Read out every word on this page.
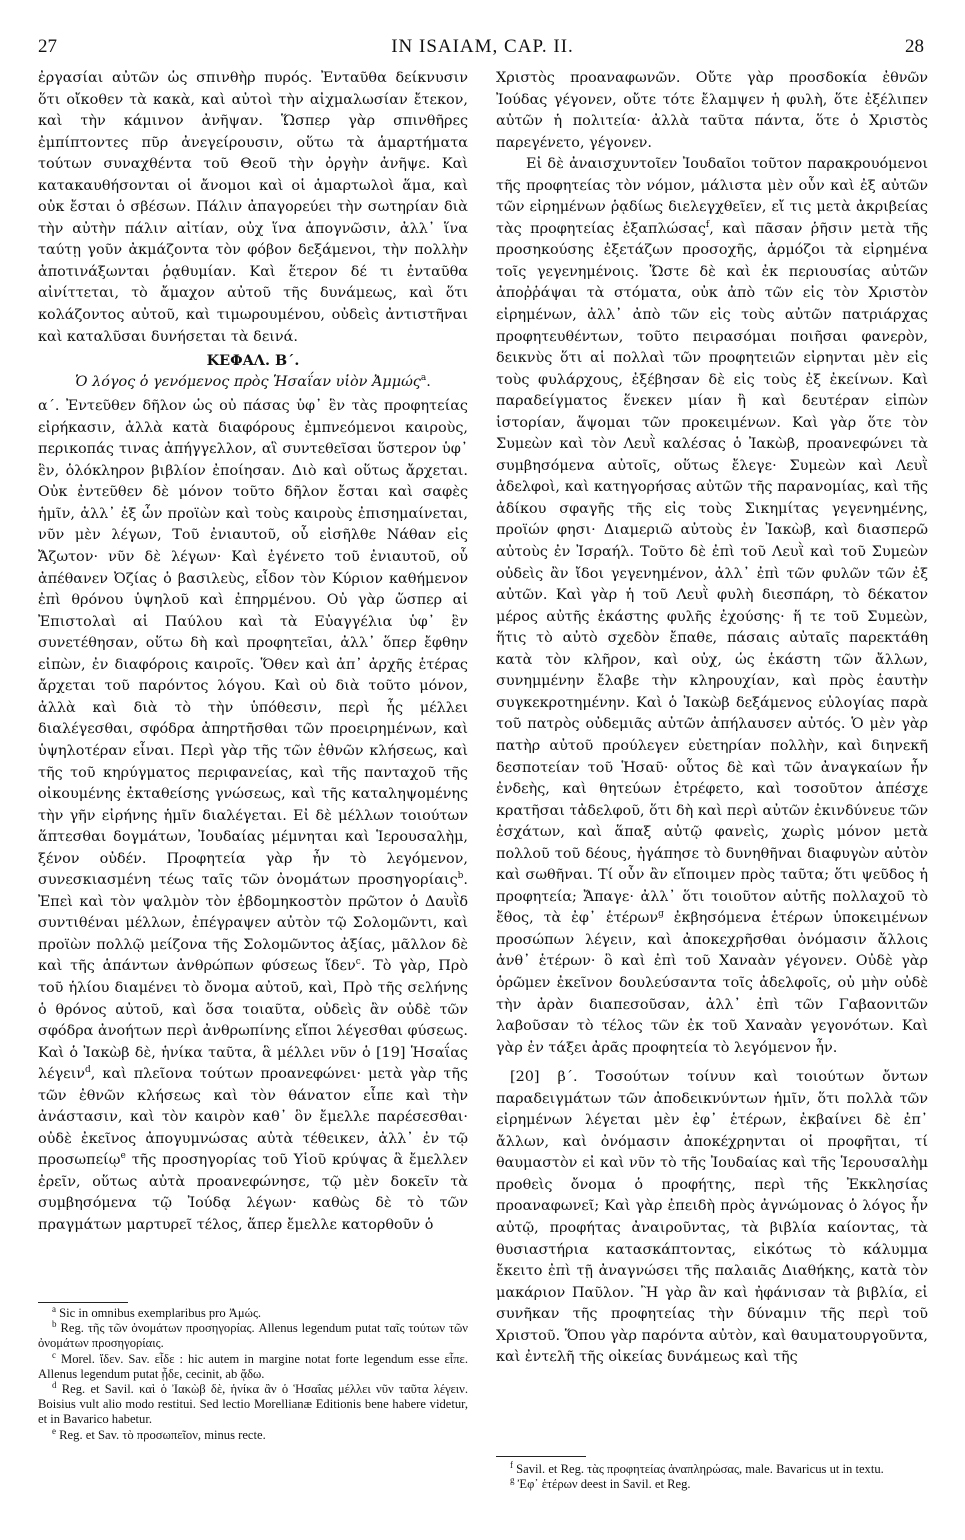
IN ISAIAM, CAP. II.
27	28

ἐργασίαι αὐτῶν ὡς σπινθὴρ πυρός. Ἐνταῦθα δείκνυσιν ὅτι οἴκοθεν τὰ κακὰ, καὶ αὐτοὶ τὴν αἰχμαλωσίαν ἔτεκον, καὶ τὴν κάμινον ἀνῆψαν. Ὥσπερ γὰρ σπινθῆρες ἐμπίπτοντες πῦρ ἀνεγείρουσιν, οὕτω τὰ ἁμαρτήματα τούτων συναχθέντα τοῦ Θεοῦ τὴν ὀργὴν ἀνῆψε. Καὶ κατακαυθήσονται οἱ ἄνομοι καὶ οἱ ἁμαρτωλοὶ ἅμα, καὶ οὐκ ἔσται ὁ σβέσων. Πάλιν ἀπαγορεύει τὴν σωτηρίαν διὰ τὴν αὐτὴν πάλιν αἰτίαν, οὐχ ἵνα ἀπογνῶσιν, ἀλλ᾽ ἵνα ταύτῃ γοῦν ἀκμάζοντα τὸν φόβον δεξάμενοι, τὴν πολλὴν ἀποτινάξωνται ῥᾳθυμίαν. Καὶ ἕτερον δέ τι ἐνταῦθα αἰνίττεται, τὸ ἄμαχον αὐτοῦ τῆς δυνάμεως, καὶ ὅτι κολάζοντος αὐτοῦ, καὶ τιμωρουμένου, οὐδεὶς ἀντιστῆναι καὶ καταλῦσαι δυνήσεται τὰ δεινά.

ΚΕΦΑΛ. Β΄.

Ὁ λόγος ὁ γενόμενος πρὸς Ἡσαΐαν υἱὸν Ἀμμώς$^a$.

α΄. Ἐντεῦθεν δῆλον ὡς οὐ πάσας ὑφ᾽ ἓν τὰς προφητείας εἰρήκασιν, ἀλλὰ κατὰ διαφόρους ἐμπνεόμενοι καιροὺς, περικοπάς τινας ἀπήγγελλον, αἳ συντεθεῖσαι ὕστερον ὑφ᾽ ἓν, ὁλόκληρον βιβλίον ἐποίησαν. Διὸ καὶ οὕτως ἄρχεται. Οὐκ ἐντεῦθεν δὲ μόνον τοῦτο δῆλον ἔσται καὶ σαφὲς ἡμῖν, ἀλλ᾽ ἐξ ὧν προϊὼν καὶ τοὺς καιροὺς ἐπισημαίνεται, νῦν μὲν λέγων, Τοῦ ἐνιαυτοῦ, οὗ εἰσῆλθε Νάθαν εἰς Ἄζωτον· νῦν δὲ λέγων· Καὶ ἐγένετο τοῦ ἐνιαυτοῦ, οὗ ἀπέθανεν Ὀζίας ὁ βασιλεὺς, εἶδον τὸν Κύριον καθήμενον ἐπὶ θρόνου ὑψηλοῦ καὶ ἐπηρμένου. Οὐ γὰρ ὥσπερ αἱ Ἐπιστολαὶ αἱ Παύλου καὶ τὰ Εὐαγγέλια ὑφ᾽ ἓν συνετέθησαν, οὕτω δὴ καὶ προφητεῖαι, ἀλλ᾽ ὅπερ ἔφθην εἰπὼν, ἐν διαφόροις καιροῖς. Ὅθεν καὶ ἀπ᾽ ἀρχῆς ἑτέρας ἄρχεται τοῦ παρόντος λόγου. Καὶ οὐ διὰ τοῦτο μόνον, ἀλλὰ καὶ διὰ τὸ τὴν ὑπόθεσιν, περὶ ἧς μέλλει διαλέγεσθαι, σφόδρα ἀπηρτῆσθαι τῶν προειρημένων, καὶ ὑψηλοτέραν εἶναι. Περὶ γὰρ τῆς τῶν ἐθνῶν κλήσεως, καὶ τῆς τοῦ κηρύγματος περιφανείας, καὶ τῆς πανταχοῦ τῆς οἰκουμένης ἐκταθείσης γνώσεως, καὶ τῆς καταληψομένης τὴν γῆν εἰρήνης ἡμῖν διαλέγεται. Εἰ δὲ μέλλων τοιούτων ἅπτεσθαι δογμάτων, Ἰουδαίας μέμνηται καὶ Ἱερουσαλὴμ, ξένον οὐδέν. Προφητεία γὰρ ἦν τὸ λεγόμενον, συνεσκιασμένη τέως ταῖς τῶν ὀνομάτων προσηγορίαις$^b$. Ἐπεὶ καὶ τὸν ψαλμὸν τὸν ἑβδομηκοστὸν πρῶτον ὁ Δαυῒδ συντιθέναι μέλλων, ἐπέγραψεν αὐτὸν τῷ Σολομῶντι, καὶ προϊὼν πολλῷ μείζονα τῆς Σολομῶντος ἀξίας, μᾶλλον δὲ καὶ τῆς ἁπάντων ἀνθρώπων φύσεως ἴδεν$^c$. Τὸ γὰρ, Πρὸ τοῦ ἡλίου διαμένει τὸ ὄνομα αὐτοῦ, καὶ, Πρὸ τῆς σελήνης ὁ θρόνος αὐτοῦ, καὶ ὅσα τοιαῦτα, οὐδεὶς ἂν οὐδὲ τῶν σφόδρα ἀνοήτων περὶ ἀνθρωπίνης εἴποι λέγεσθαι φύσεως. Καὶ ὁ Ἰακὼβ δὲ, ἡνίκα ταῦτα, ἃ μέλλει νῦν ὁ [19] Ἡσαΐας λέγειν$^d$, καὶ πλεῖονα τούτων προανεφώνει· μετὰ γὰρ τῆς τῶν ἐθνῶν κλήσεως καὶ τὸν θάνατον εἶπε καὶ τὴν ἀνάστασιν, καὶ τὸν καιρὸν καθ᾽ ὃν ἔμελλε παρέσεσθαι· οὐδὲ ἐκεῖνος ἀπογυμνώσας αὐτὰ τέθεικεν, ἀλλ᾽ ἐν τῷ προσωπείῳ$^e$ τῆς προσηγορίας τοῦ Υἱοῦ κρύψας ἃ ἔμελλεν ἐρεῖν, οὕτως αὐτὰ προανεφώνησε, τῷ μὲν δοκεῖν τὰ συμβησόμενα τῷ Ἰούδᾳ λέγων· καθὼς δὲ τὸ τῶν πραγμάτων μαρτυρεῖ τέλος, ἅπερ ἔμελλε κατορθοῦν ὁ

Χριστὸς προαναφωνῶν. Οὔτε γὰρ προσδοκία ἐθνῶν Ἰούδας γέγονεν, οὔτε τότε ἔλαμψεν ἡ φυλὴ, ὅτε ἐξέλιπεν αὐτῶν ἡ πολιτεία· ἀλλὰ ταῦτα πάντα, ὅτε ὁ Χριστὸς παρεγένετο, γέγονεν.

Εἰ δὲ ἀναισχυντοῖεν Ἰουδαῖοι τοῦτον παρακρουόμενοι τῆς προφητείας τὸν νόμον, μάλιστα μὲν οὖν καὶ ἐξ αὐτῶν τῶν εἰρημένων ῥᾳδίως διελεγχθεῖεν, εἴ τις μετὰ ἀκριβείας τὰς προφητείας ἐξαπλώσας$^f$, καὶ πᾶσαν ῥῆσιν μετὰ τῆς προσηκούσης ἐξετάζων προσοχῆς, ἁρμόζοι τὰ εἰρημένα τοῖς γεγενημένοις. Ὥστε δὲ καὶ ἐκ περιουσίας αὐτῶν ἀποῤῥάψαι τὰ στόματα, οὐκ ἀπὸ τῶν εἰς τὸν Χριστὸν εἰρημένων, ἀλλ᾽ ἀπὸ τῶν εἰς τοὺς αὐτῶν πατριάρχας προφητευθέντων, τοῦτο πειρασόμαι ποιῆσαι φανερὸν, δεικνὺς ὅτι αἱ πολλαὶ τῶν προφητειῶν εἰρηνται μὲν εἰς τοὺς φυλάρχους, ἐξέβησαν δὲ εἰς τοὺς ἐξ ἐκείνων. Καὶ παραδείγματος ἕνεκεν μίαν ἢ καὶ δευτέραν εἰπὼν ἱστορίαν, ἅψομαι τῶν προκειμένων. Καὶ γὰρ ὅτε τὸν Συμεὼν καὶ τὸν Λευῒ καλέσας ὁ Ἰακὼβ, προανεφώνει τὰ συμβησόμενα αὐτοῖς, οὕτως ἔλεγε· Συμεὼν καὶ Λευῒ ἀδελφοὶ, καὶ κατηγορήσας αὐτῶν τῆς παρανομίας, καὶ τῆς ἀδίκου σφαγῆς τῆς εἰς τοὺς Σικημίτας γεγενημένης, προϊών φησι· Διαμεριῶ αὐτοὺς ἐν Ἰακὼβ, καὶ διασπερῶ αὐτοὺς ἐν Ἰσραήλ. Τοῦτο δὲ ἐπὶ τοῦ Λευῒ καὶ τοῦ Συμεὼν οὐδεὶς ἂν ἴδοι γεγενημένον, ἀλλ᾽ ἐπὶ τῶν φυλῶν τῶν ἐξ αὐτῶν. Καὶ γὰρ ἡ τοῦ Λευῒ φυλὴ διεσπάρη, τὸ δέκατον μέρος αὐτῆς ἑκάστης φυλῆς ἐχούσης· ἥ τε τοῦ Συμεὼν, ἥτις τὸ αὐτὸ σχεδὸν ἔπαθε, πάσαις αὐταῖς παρεκτάθη κατὰ τὸν κλῆρον, καὶ οὐχ, ὡς ἑκάστη τῶν ἄλλων, συνημμένην ἔλαβε τὴν κληρουχίαν, καὶ πρὸς ἑαυτὴν συγκεκροτημένην. Καὶ ὁ Ἰακὼβ δεξάμενος εὐλογίας παρὰ τοῦ πατρὸς οὐδεμιᾶς αὐτῶν ἀπήλαυσεν αὐτός. Ὁ μὲν γὰρ πατὴρ αὐτοῦ προύλεγεν εὐετηρίαν πολλὴν, καὶ διηνεκῆ δεσποτείαν τοῦ Ἡσαῦ· οὗτος δὲ καὶ τῶν ἀναγκαίων ἦν ἐνδεὴς, καὶ θητεύων ἐτρέφετο, καὶ τοσοῦτον ἀπέσχε κρατῆσαι τἀδελφοῦ, ὅτι δὴ καὶ περὶ αὐτῶν ἐκινδύνευε τῶν ἐσχάτων, καὶ ἅπαξ αὐτῷ φανεὶς, χωρὶς μόνον μετὰ πολλοῦ τοῦ δέους, ἠγάπησε τὸ δυνηθῆναι διαφυγὼν αὐτὸν καὶ σωθῆναι. Τί οὖν ἂν εἴποιμεν πρὸς ταῦτα; ὅτι ψεῦδος ἡ προφητεία; Ἄπαγε· ἀλλ᾽ ὅτι τοιοῦτον αὐτῆς πολλαχοῦ τὸ ἔθος, τὰ ἐφ᾽ ἑτέρων$^g$ ἐκβησόμενα ἑτέρων ὑποκειμένων προσώπων λέγειν, καὶ ἀποκεχρῆσθαι ὀνόμασιν ἄλλοις ἀνθ᾽ ἑτέρων· ὃ καὶ ἐπὶ τοῦ Χαναὰν γέγονεν. Οὐδὲ γὰρ ὁρῶμεν ἐκεῖνον δουλεύσαντα τοῖς ἀδελφοῖς, οὐ μὴν οὐδὲ τὴν ἀρὰν διαπεσοῦσαν, ἀλλ᾽ ἐπὶ τῶν Γαβαονιτῶν λαβοῦσαν τὸ τέλος τῶν ἐκ τοῦ Χαναὰν γεγονότων. Καὶ γὰρ ἐν τάξει ἀρᾶς προφητεία τὸ λεγόμενον ἦν.

[20] β΄. Τοσούτων τοίνυν καὶ τοιούτων ὄντων παραδειγμάτων τῶν ἀποδεικνύντων ἡμῖν, ὅτι πολλὰ τῶν εἰρημένων λέγεται μὲν ἐφ᾽ ἑτέρων, ἐκβαίνει δὲ ἐπ᾽ ἄλλων, καὶ ὀνόμασιν ἀποκέχρηνται οἱ προφῆται, τί θαυμαστὸν εἰ καὶ νῦν τὸ τῆς Ἰουδαίας καὶ τῆς Ἱερουσαλὴμ προθεὶς ὄνομα ὁ προφήτης, περὶ τῆς Ἐκκλησίας προαναφωνεῖ; Καὶ γὰρ ἐπειδὴ πρὸς ἀγνώμονας ὁ λόγος ἦν αὐτῷ, προφήτας ἀναιροῦντας, τὰ βιβλία καίοντας, τὰ θυσιαστήρια κατασκάπτοντας, εἰκότως τὸ κάλυμμα ἔκειτο ἐπὶ τῇ ἀναγνώσει τῆς παλαιᾶς Διαθήκης, κατὰ τὸν μακάριον Παῦλον. Ἢ γὰρ ἂν καὶ ἠφάνισαν τὰ βιβλία, εἰ συνῆκαν τῆς προφητείας τὴν δύναμιν τῆς περὶ τοῦ Χριστοῦ. Ὅπου γὰρ παρόντα αὐτὸν, καὶ θαυματουργοῦντα, καὶ ἐντελῆ τῆς οἰκείας δυνάμεως καὶ τῆς

$^a$ Sic in omnibus exemplaribus pro Ἀμώς.

$^b$ Reg. τῆς τῶν ὀνομάτων προσηγορίας. Allenus legendum putat ταῖς τούτων τῶν ὀνομάτων προσηγορίαις.

$^c$ Morel. ἴδεν. Sav. εἶδε : hic autem in margine notat forte legendum esse εἶπε. Allenus legendum putat ᾖδε, cecinit, ab ᾄδω.

$^d$ Reg. et Savil. καὶ ὁ Ἰακὼβ δὲ, ἡνίκα ἂν ὁ Ἡσαΐας μέλλει νῦν ταῦτα λέγειν. Boisius vult alio modo restitui. Sed lectio Morellianæ Editionis bene habere videtur, et in Bavarico habetur.

$^e$ Reg. et Sav. τὸ προσωπεῖον, minus recte.

$^f$ Savil. et Reg. τὰς προφητείας ἀναπληρώσας, male. Bavaricus ut in textu.

$^g$ Ἐφ᾽ ἑτέρων deest in Savil. et Reg.
